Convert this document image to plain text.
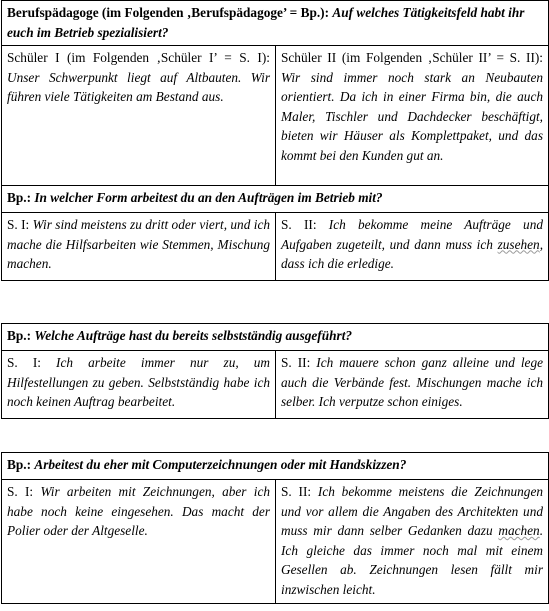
Berufspädagoge (im Folgenden ‚Berufspädagoge’ = Bp.): Auf welches Tätigkeitsfeld habt ihr euch im Betrieb spezialisiert?	
Schüler I (im Folgenden ‚Schüler I’ = S. I): Unser Schwerpunkt liegt auf Altbauten. Wir führen viele Tätigkeiten am Bestand aus.	Schüler II (im Folgenden ‚Schüler II’ = S. II): Wir sind immer noch stark an Neubauten orientiert. Da ich in einer Firma bin, die auch Maler, Tischler und Dachdecker beschäftigt, bieten wir Häuser als Komplettpaket, und das kommt bei den Kunden gut an.
Bp.: In welcher Form arbeitest du an den Aufträgen im Betrieb mit?	
S. I: Wir sind meistens zu dritt oder viert, und ich mache die Hilfsarbeiten wie Stemmen, Mischung machen.	S. II: Ich bekomme meine Aufträge und Aufgaben zugeteilt, und dann muss ich zusehen, dass ich die erledige.
Bp.: Welche Aufträge hast du bereits selbstständig ausgeführt?
S. I: Ich arbeite immer nur zu, um Hilfestellungen zu geben. Selbstständig habe ich noch keinen Auftrag bearbeitet.	S. II: Ich mauere schon ganz alleine und lege auch die Verbände fest. Mischungen mache ich selber. Ich verputze schon einiges.
Bp.: Arbeitest du eher mit Computerzeichnungen oder mit Handskizzen?
S. I: Wir arbeiten mit Zeichnungen, aber ich habe noch keine eingesehen. Das macht der Polier oder der Altgeselle.	S. II: Ich bekomme meistens die Zeichnungen und vor allem die Angaben des Architekten und muss mir dann selber Gedanken dazu machen. Ich gleiche das immer noch mal mit einem Gesellen ab. Zeichnungen lesen fällt mir inzwischen leicht.
